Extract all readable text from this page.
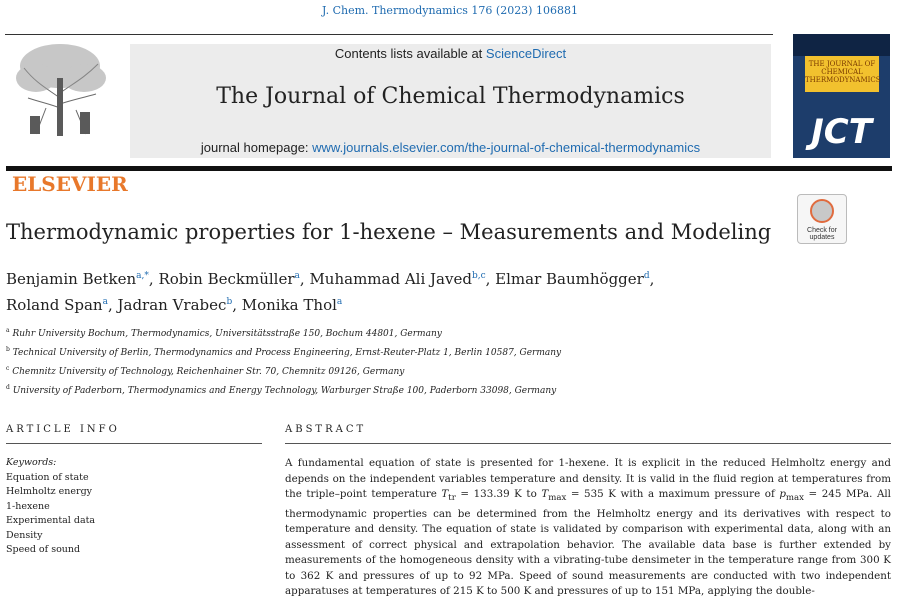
J. Chem. Thermodynamics 176 (2023) 106881
ELSEVIER
Contents lists available at ScienceDirect
The Journal of Chemical Thermodynamics
journal homepage: www.journals.elsevier.com/the-journal-of-chemical-thermodynamics
THE JOURNAL OF CHEMICAL THERMODYNAMICS
JCT
Thermodynamic properties for 1-hexene – Measurements and Modeling	Check for updates
Benjamin Betken$^{a,*}$, Robin Beckmüller$^a$, Muhammad Ali Javed$^{b,c}$, Elmar Baumhögger$^d$,
Roland Span$^a$, Jadran Vrabec$^b$, Monika Thol$^a$
$^a$ Ruhr University Bochum, Thermodynamics, Universitätsstraße 150, Bochum 44801, Germany
$^b$ Technical University of Berlin, Thermodynamics and Process Engineering, Ernst-Reuter-Platz 1, Berlin 10587, Germany
$^c$ Chemnitz University of Technology, Reichenhainer Str. 70, Chemnitz 09126, Germany
$^d$ University of Paderborn, Thermodynamics and Energy Technology, Warburger Straße 100, Paderborn 33098, Germany
ARTICLE INFO
Keywords:
Equation of state
Helmholtz energy
1-hexene
Experimental data
Density
Speed of sound
ABSTRACT
A fundamental equation of state is presented for 1-hexene. It is explicit in the reduced Helmholtz energy and depends on the independent variables temperature and density. It is valid in the fluid region at temperatures from the triple–point temperature $T_{tr} = 133.39$ K to $T_{max} = 535$ K with a maximum pressure of $p_{max} = 245$ MPa. All thermodynamic properties can be determined from the Helmholtz energy and its derivatives with respect to temperature and density. The equation of state is validated by comparison with experimental data, along with an assessment of correct physical and extrapolation behavior. The available data base is further extended by measurements of the homogeneous density with a vibrating-tube densimeter in the temperature range from 300 K to 362 K and pressures of up to 92 MPa. Speed of sound measurements are conducted with two independent apparatuses at temperatures of 215 K to 500 K and pressures of up to 151 MPa, applying the double-
